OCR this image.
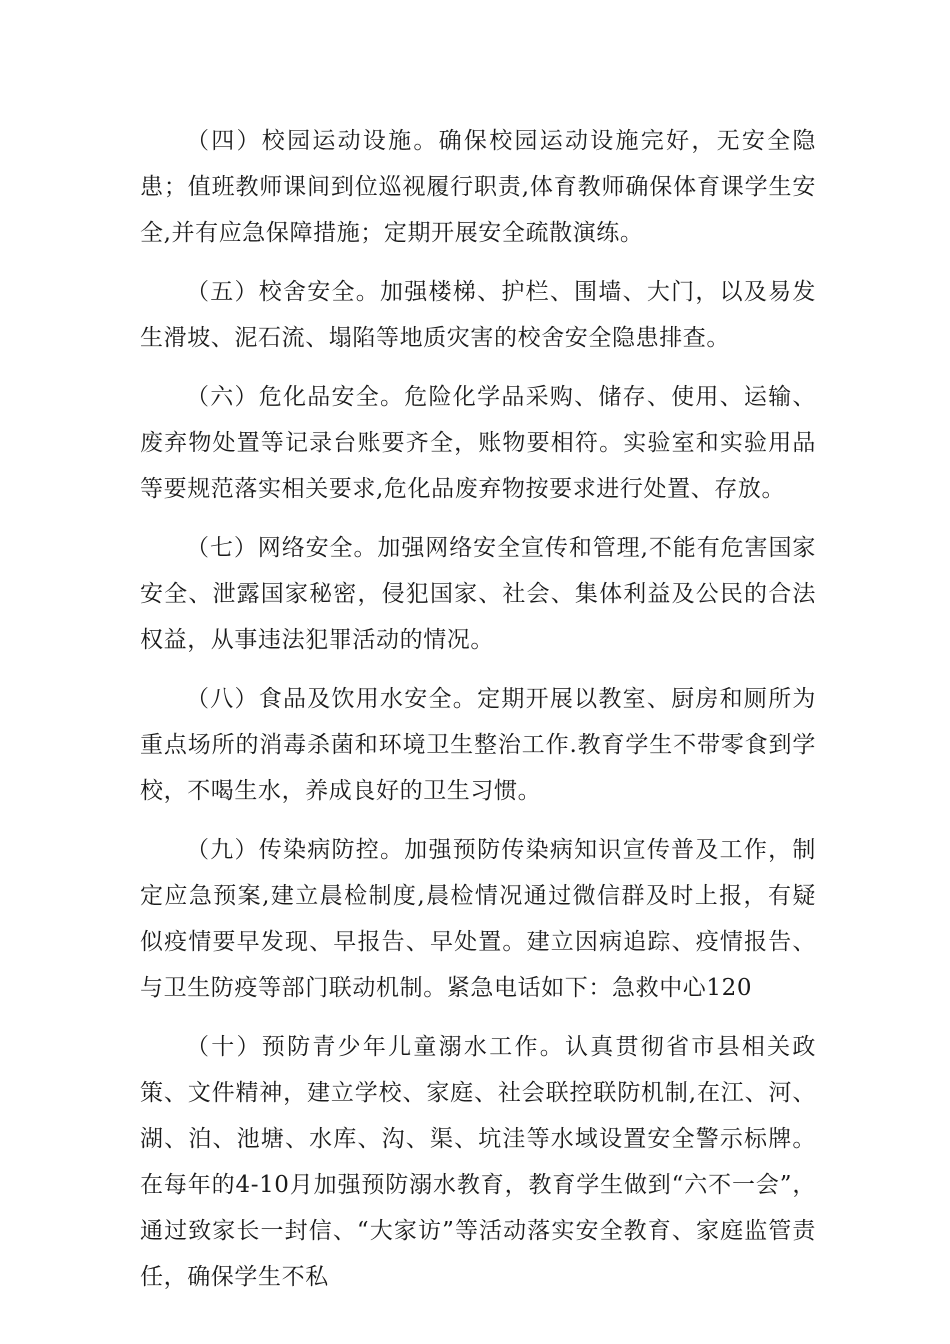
（四）校园运动设施。确保校园运动设施完好，无安全隐患；值班教师课间到位巡视履行职责,体育教师确保体育课学生安全,并有应急保障措施；定期开展安全疏散演练。

（五）校舍安全。加强楼梯、护栏、围墙、大门，以及易发生滑坡、泥石流、塌陷等地质灾害的校舍安全隐患排查。

（六）危化品安全。危险化学品采购、储存、使用、运输、废弃物处置等记录台账要齐全，账物要相符。实验室和实验用品等要规范落实相关要求,危化品废弃物按要求进行处置、存放。

（七）网络安全。加强网络安全宣传和管理,不能有危害国家安全、泄露国家秘密，侵犯国家、社会、集体利益及公民的合法权益，从事违法犯罪活动的情况。

（八）食品及饮用水安全。定期开展以教室、厨房和厕所为重点场所的消毒杀菌和环境卫生整治工作.教育学生不带零食到学校，不喝生水，养成良好的卫生习惯。

（九）传染病防控。加强预防传染病知识宣传普及工作，制定应急预案,建立晨检制度,晨检情况通过微信群及时上报，有疑似疫情要早发现、早报告、早处置。建立因病追踪、疫情报告、与卫生防疫等部门联动机制。紧急电话如下：急救中心120

（十）预防青少年儿童溺水工作。认真贯彻省市县相关政策、文件精神，建立学校、家庭、社会联控联防机制,在江、河、湖、泊、池塘、水库、沟、渠、坑洼等水域设置安全警示标牌。在每年的4-10月加强预防溺水教育，教育学生做到“六不一会”，通过致家长一封信、“大家访”等活动落实安全教育、家庭监管责任，确保学生不私
